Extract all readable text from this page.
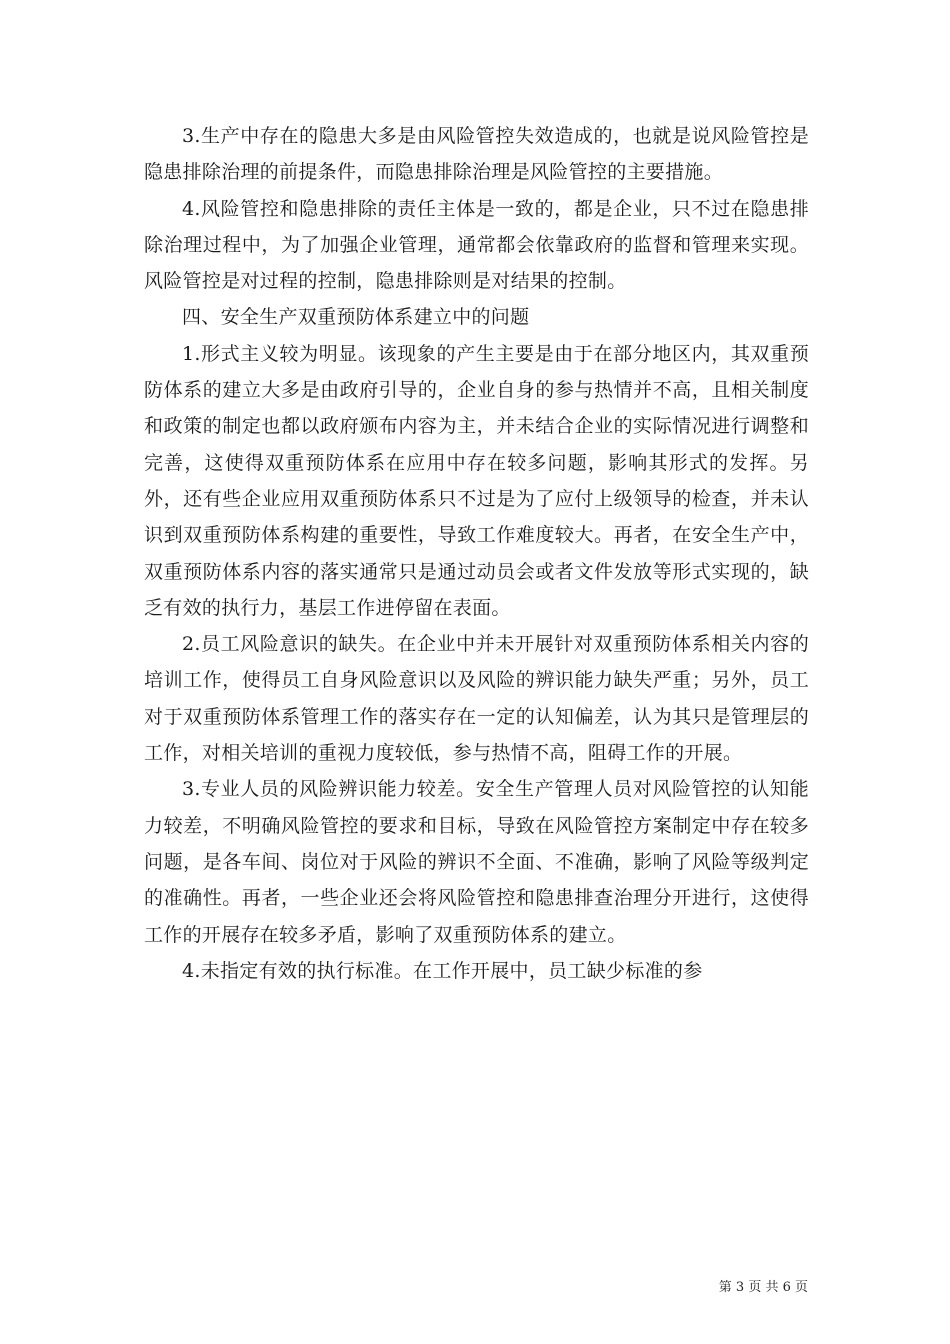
3.生产中存在的隐患大多是由风险管控失效造成的，也就是说风险管控是隐患排除治理的前提条件，而隐患排除治理是风险管控的主要措施。

4.风险管控和隐患排除的责任主体是一致的，都是企业，只不过在隐患排除治理过程中，为了加强企业管理，通常都会依靠政府的监督和管理来实现。风险管控是对过程的控制，隐患排除则是对结果的控制。

四、安全生产双重预防体系建立中的问题

1.形式主义较为明显。该现象的产生主要是由于在部分地区内，其双重预防体系的建立大多是由政府引导的，企业自身的参与热情并不高，且相关制度和政策的制定也都以政府颁布内容为主，并未结合企业的实际情况进行调整和完善，这使得双重预防体系在应用中存在较多问题，影响其形式的发挥。另外，还有些企业应用双重预防体系只不过是为了应付上级领导的检查，并未认识到双重预防体系构建的重要性，导致工作难度较大。再者，在安全生产中，双重预防体系内容的落实通常只是通过动员会或者文件发放等形式实现的，缺乏有效的执行力，基层工作进停留在表面。

2.员工风险意识的缺失。在企业中并未开展针对双重预防体系相关内容的培训工作，使得员工自身风险意识以及风险的辨识能力缺失严重；另外，员工对于双重预防体系管理工作的落实存在一定的认知偏差，认为其只是管理层的工作，对相关培训的重视力度较低，参与热情不高，阻碍工作的开展。

3.专业人员的风险辨识能力较差。安全生产管理人员对风险管控的认知能力较差，不明确风险管控的要求和目标，导致在风险管控方案制定中存在较多问题，是各车间、岗位对于风险的辨识不全面、不准确，影响了风险等级判定的准确性。再者，一些企业还会将风险管控和隐患排查治理分开进行，这使得工作的开展存在较多矛盾，影响了双重预防体系的建立。

4.未指定有效的执行标准。在工作开展中，员工缺少标准的参

第 3 页 共 6 页
